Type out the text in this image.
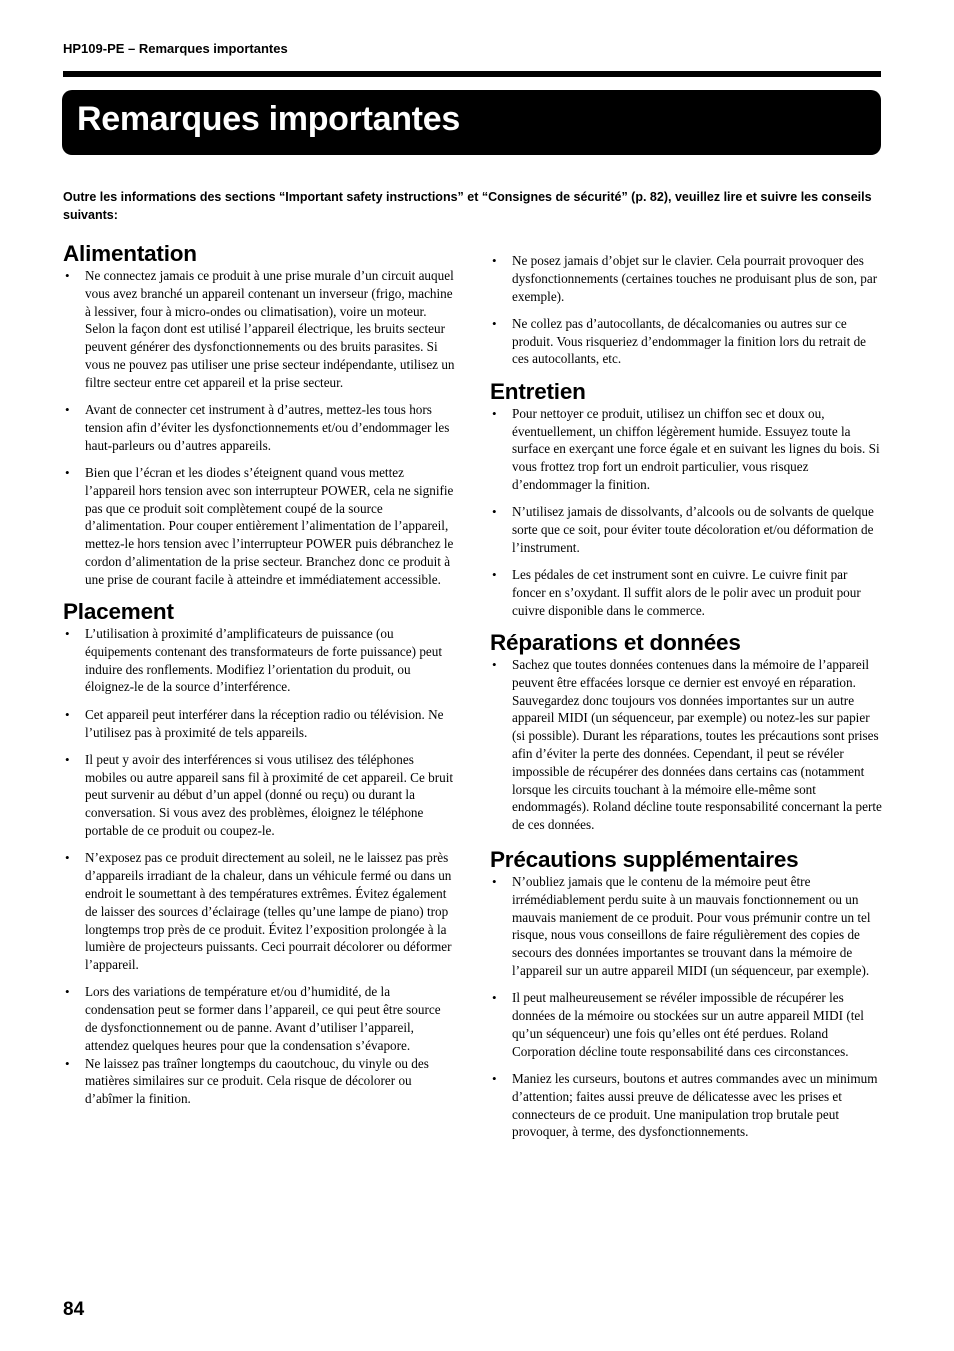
HP109-PE – Remarques importantes
Remarques importantes

Outre les informations des sections “Important safety instructions” et “Consignes de sécurité” (p. 82), veuillez lire et suivre les conseils suivants:

Alimentation
• Ne connectez jamais ce produit à une prise murale d’un circuit auquel vous avez branché un appareil contenant un inverseur (frigo, machine à lessiver, four à micro-ondes ou climatisation), voire un moteur. Selon la façon dont est utilisé l’appareil électrique, les bruits secteur peuvent générer des dysfonctionnements ou des bruits parasites. Si vous ne pouvez pas utiliser une prise secteur indépendante, utilisez un filtre secteur entre cet appareil et la prise secteur.
• Avant de connecter cet instrument à d’autres, mettez-les tous hors tension afin d’éviter les dysfonctionnements et/ou d’endommager les haut-parleurs ou d’autres appareils.
• Bien que l’écran et les diodes s’éteignent quand vous mettez l’appareil hors tension avec son interrupteur POWER, cela ne signifie pas que ce produit soit complètement coupé de la source d’alimentation. Pour couper entièrement l’alimentation de l’appareil, mettez-le hors tension avec l’interrupteur POWER puis débranchez le cordon d’alimentation de la prise secteur. Branchez donc ce produit à une prise de courant facile à atteindre et immédiatement accessible.
Placement
• L’utilisation à proximité d’amplificateurs de puissance (ou équipements contenant des transformateurs de forte puissance) peut induire des ronflements. Modifiez l’orientation du produit, ou éloignez-le de la source d’interférence.
• Cet appareil peut interférer dans la réception radio ou télévision. Ne l’utilisez pas à proximité de tels appareils.
• Il peut y avoir des interférences si vous utilisez des téléphones mobiles ou autre appareil sans fil à proximité de cet appareil. Ce bruit peut survenir au début d’un appel (donné ou reçu) ou durant la conversation. Si vous avez des problèmes, éloignez le téléphone portable de ce produit ou coupez-le.
• N’exposez pas ce produit directement au soleil, ne le laissez pas près d’appareils irradiant de la chaleur, dans un véhicule fermé ou dans un endroit le soumettant à des températures extrêmes. Évitez également de laisser des sources d’éclairage (telles qu’une lampe de piano) trop longtemps trop près de ce produit. Évitez l’exposition prolongée à la lumière de projecteurs puissants. Ceci pourrait décolorer ou déformer l’appareil.
• Lors des variations de température et/ou d’humidité, de la condensation peut se former dans l’appareil, ce qui peut être source de dysfonctionnement ou de panne. Avant d’utiliser l’appareil, attendez quelques heures pour que la condensation s’évapore.
• Ne laissez pas traîner longtemps du caoutchouc, du vinyle ou des matières similaires sur ce produit. Cela risque de décolorer ou d’abîmer la finition.
• Ne posez jamais d’objet sur le clavier. Cela pourrait provoquer des dysfonctionnements (certaines touches ne produisant plus de son, par exemple).
• Ne collez pas d’autocollants, de décalcomanies ou autres sur ce produit. Vous risqueriez d’endommager la finition lors du retrait de ces autocollants, etc.
Entretien
• Pour nettoyer ce produit, utilisez un chiffon sec et doux ou, éventuellement, un chiffon légèrement humide. Essuyez toute la surface en exerçant une force égale et en suivant les lignes du bois. Si vous frottez trop fort un endroit particulier, vous risquez d’endommager la finition.
• N’utilisez jamais de dissolvants, d’alcools ou de solvants de quelque sorte que ce soit, pour éviter toute décoloration et/ou déformation de l’instrument.
• Les pédales de cet instrument sont en cuivre. Le cuivre finit par foncer en s’oxydant. Il suffit alors de le polir avec un produit pour cuivre disponible dans le commerce.
Réparations et données
• Sachez que toutes données contenues dans la mémoire de l’appareil peuvent être effacées lorsque ce dernier est envoyé en réparation. Sauvegardez donc toujours vos données importantes sur un autre appareil MIDI (un séquenceur, par exemple) ou notez-les sur papier (si possible). Durant les réparations, toutes les précautions sont prises afin d’éviter la perte des données. Cependant, il peut se révéler impossible de récupérer des données dans certains cas (notamment lorsque les circuits touchant à la mémoire elle-même sont endommagés). Roland décline toute responsabilité concernant la perte de ces données.
Précautions supplémentaires
• N’oubliez jamais que le contenu de la mémoire peut être irrémédiablement perdu suite à un mauvais fonctionnement ou un mauvais maniement de ce produit. Pour vous prémunir contre un tel risque, nous vous conseillons de faire régulièrement des copies de secours des données importantes se trouvant dans la mémoire de l’appareil sur un autre appareil MIDI (un séquenceur, par exemple).
• Il peut malheureusement se révéler impossible de récupérer les données de la mémoire ou stockées sur un autre appareil MIDI (tel qu’un séquenceur) une fois qu’elles ont été perdues. Roland Corporation décline toute responsabilité dans ces circonstances.
• Maniez les curseurs, boutons et autres commandes avec un minimum d’attention; faites aussi preuve de délicatesse avec les prises et connecteurs de ce produit. Une manipulation trop brutale peut provoquer, à terme, des dysfonctionnements.
84
